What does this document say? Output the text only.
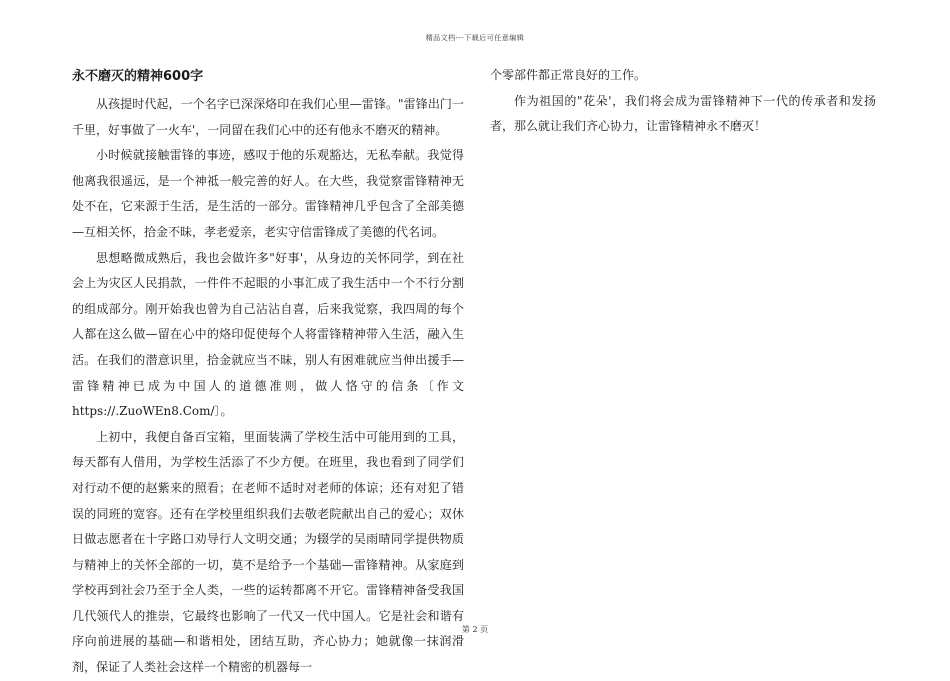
精品文档---下载后可任意编辑
永不磨灭的精神600字

从孩提时代起，一个名字已深深烙印在我们心里—雷锋。"雷锋出门一千里，好事做了一火车'，一同留在我们心中的还有他永不磨灭的精神。

小时候就接触雷锋的事迹，感叹于他的乐观豁达，无私奉献。我觉得他离我很遥远，是一个神祗一般完善的好人。在大些，我觉察雷锋精神无处不在，它来源于生活，是生活的一部分。雷锋精神几乎包含了全部美德—互相关怀，拾金不昧，孝老爱亲，老实守信雷锋成了美德的代名词。

思想略微成熟后，我也会做许多"好事'，从身边的关怀同学，到在社会上为灾区人民捐款，一件件不起眼的小事汇成了我生活中一个不行分割的组成部分。刚开始我也曾为自己沾沾自喜，后来我觉察，我四周的每个人都在这么做—留在心中的烙印促使每个人将雷锋精神带入生活，融入生活。在我们的潜意识里，拾金就应当不昧，别人有困难就应当伸出援手—雷锋精神已成为中国人的道德准则，做人恪守的信条〔作文https://.ZuoWEn8.Com/〕。

上初中，我便自备百宝箱，里面装满了学校生活中可能用到的工具，每天都有人借用，为学校生活添了不少方便。在班里，我也看到了同学们对行动不便的赵紫来的照看；在老师不适时对老师的体谅；还有对犯了错误的同班的宽容。还有在学校里组织我们去敬老院献出自己的爱心；双休日做志愿者在十字路口劝导行人文明交通；为辍学的吴雨晴同学提供物质与精神上的关怀全部的一切，莫不是给予一个基础—雷锋精神。从家庭到学校再到社会乃至于全人类，一些的运转都离不开它。雷锋精神备受我国几代领代人的推崇，它最终也影响了一代又一代中国人。它是社会和谐有序向前进展的基础—和谐相处，团结互助，齐心协力；她就像一抹润滑剂，保证了人类社会这样一个精密的机器每一

个零部件都正常良好的工作。

作为祖国的"花朵'，我们将会成为雷锋精神下一代的传承者和发扬者，那么就让我们齐心协力，让雷锋精神永不磨灭！

第 2 页
